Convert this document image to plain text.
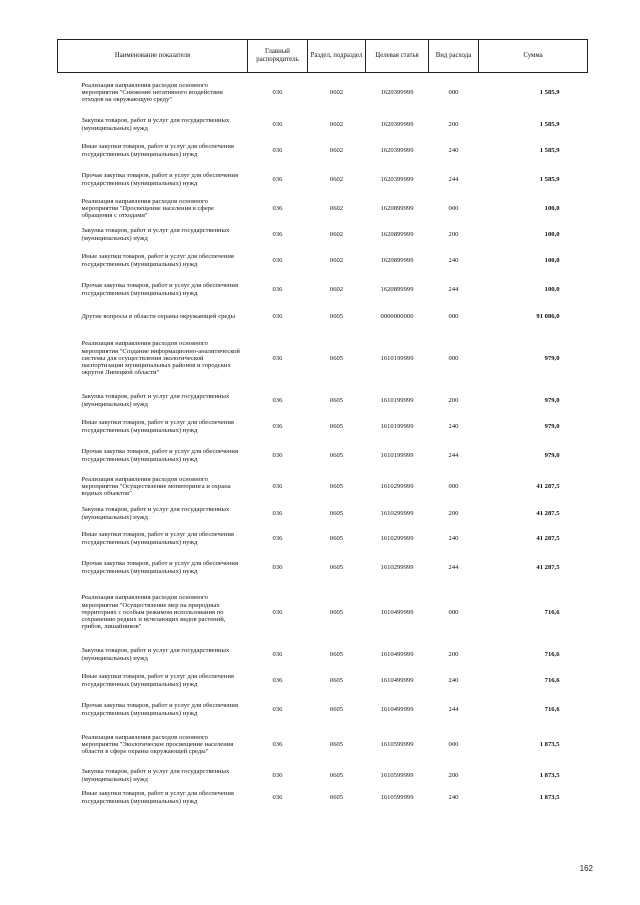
Наименование показателя	Главный распорядитель	Раздел, подраздел	Целевая статья	Вид расхода	Сумма
Реализация направления расходов основного мероприятия "Снижение негативного воздействия отходов на окружающую среду"	036	0602	1620399999	000	1 585,9
Закупка товаров, работ и услуг для государственных (муниципальных) нужд	036	0602	1620399999	200	1 585,9
Иные закупки товаров, работ и услуг для обеспечения государственных (муниципальных) нужд	036	0602	1620399999	240	1 585,9
Прочая закупка товаров, работ и услуг для обеспечения государственных (муниципальных) нужд	036	0602	1620399999	244	1 585,9
Реализация направления расходов основного мероприятия "Просвещение населения в сфере обращения с отходами"	036	0602	1620899999	000	100,0
Закупка товаров, работ и услуг для государственных (муниципальных) нужд	036	0602	1620899999	200	100,0
Иные закупки товаров, работ и услуг для обеспечения государственных (муниципальных) нужд	036	0602	1620899999	240	100,0
Прочая закупка товаров, работ и услуг для обеспечения государственных (муниципальных) нужд	036	0602	1620899999	244	100,0
Другие вопросы в области охраны окружающей среды	036	0605	0000000000	000	91 086,0
Реализация направления расходов основного мероприятия "Создание информационно-аналитической системы для осуществления экологической паспортизации муниципальных районов и городских округов Липецкой области"	036	0605	1610199999	000	979,0
Закупка товаров, работ и услуг для государственных (муниципальных) нужд	036	0605	1610199999	200	979,0
Иные закупки товаров, работ и услуг для обеспечения государственных (муниципальных) нужд	036	0605	1610199999	240	979,0
Прочая закупка товаров, работ и услуг для обеспечения государственных (муниципальных) нужд	036	0605	1610199999	244	979,0
Реализация направления расходов основного мероприятия "Осуществление мониторинга и охрана водных объектов"	036	0605	1610299999	000	41 287,5
Закупка товаров, работ и услуг для государственных (муниципальных) нужд	036	0605	1610299999	200	41 287,5
Иные закупки товаров, работ и услуг для обеспечения государственных (муниципальных) нужд	036	0605	1610299999	240	41 287,5
Прочая закупка товаров, работ и услуг для обеспечения государственных (муниципальных) нужд	036	0605	1610299999	244	41 287,5
Реализация направления расходов основного мероприятия "Осуществление мер на природных территориях с особым режимом использования по сохранению редких и исчезающих видов растений, грибов, лишайников"	036	0605	1610499999	000	716,6
Закупка товаров, работ и услуг для государственных (муниципальных) нужд	036	0605	1610499999	200	716,6
Иные закупки товаров, работ и услуг для обеспечения государственных (муниципальных) нужд	036	0605	1610499999	240	716,6
Прочая закупка товаров, работ и услуг для обеспечения государственных (муниципальных) нужд	036	0605	1610499999	244	716,6
Реализация направления расходов основного мероприятия "Экологическое просвещение населения области в сфере охраны окружающей среды"	036	0605	1610599999	000	1 873,5
Закупка товаров, работ и услуг для государственных (муниципальных) нужд	036	0605	1610599999	200	1 873,5
Иные закупки товаров, работ и услуг для обеспечения государственных (муниципальных) нужд	036	0605	1610599999	240	1 873,5
162
